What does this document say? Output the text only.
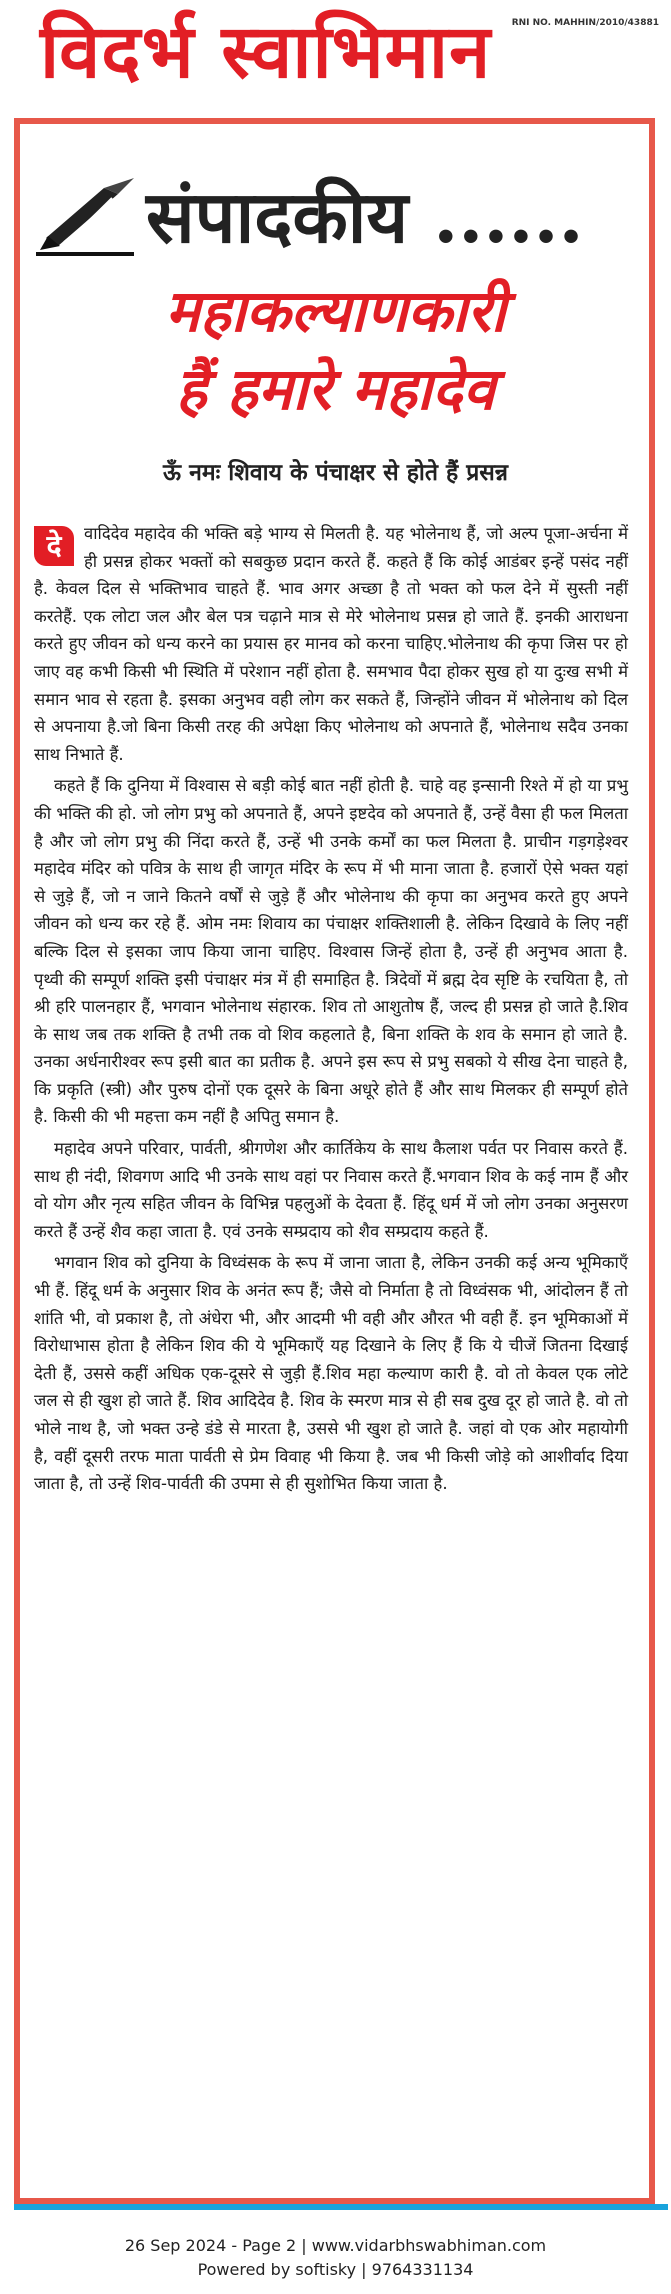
विदर्भ स्वाभिमान RNI NO. MAHHIN/2010/43881
संपादकीय ......
महाकल्याणकारी
हैं हमारे महादेव
ऊँ नमः शिवाय के पंचाक्षर से होते हैं प्रसन्न

दे	वादिदेव महादेव की भक्ति बड़े भाग्य से मिलती है. यह भोलेनाथ हैं, जो अल्प पूजा-अर्चना में ही प्रसन्न होकर भक्तों को सबकुछ प्रदान करते हैं. कहते हैं कि कोई आडंबर इन्हें पसंद नहीं है. केवल दिल से भक्तिभाव चाहते हैं. भाव अगर अच्छा है तो भक्त को फल देने में सुस्ती नहीं करतेहैं. एक लोटा जल और बेल पत्र चढ़ाने मात्र से मेरे भोलेनाथ प्रसन्न हो जाते हैं. इनकी आराधना करते हुए जीवन को धन्य करने का प्रयास हर मानव को करना चाहिए.भोलेनाथ की कृपा जिस पर हो जाए वह कभी किसी भी स्थिति में परेशान नहीं होता है. समभाव पैदा होकर सुख हो या दुःख सभी में समान भाव से रहता है. इसका अनुभव वही लोग कर सकते हैं, जिन्होंने जीवन में भोलेनाथ को दिल से अपनाया है.जो बिना किसी तरह की अपेक्षा किए भोलेनाथ को अपनाते हैं, भोलेनाथ सदैव उनका साथ निभाते हैं.

कहते हैं कि दुनिया में विश्वास से बड़ी कोई बात नहीं होती है. चाहे वह इन्सानी रिश्ते में हो या प्रभु की भक्ति की हो. जो लोग प्रभु को अपनाते हैं, अपने इष्टदेव को अपनाते हैं, उन्हें वैसा ही फल मिलता है और जो लोग प्रभु की निंदा करते हैं, उन्हें भी उनके कर्मों का फल मिलता है. प्राचीन गड़गड़ेश्वर महादेव मंदिर को पवित्र के साथ ही जागृत मंदिर के रूप में भी माना जाता है. हजारों ऐसे भक्त यहां से जुड़े हैं, जो न जाने कितने वर्षों से जुड़े हैं और भोलेनाथ की कृपा का अनुभव करते हुए अपने जीवन को धन्य कर रहे हैं. ओम नमः शिवाय का पंचाक्षर शक्तिशाली है. लेकिन दिखावे के लिए नहीं बल्कि दिल से इसका जाप किया जाना चाहिए. विश्वास जिन्हें होता है, उन्हें ही अनुभव आता है. पृथ्वी की सम्पूर्ण शक्ति इसी पंचाक्षर मंत्र में ही समाहित है. त्रिदेवों में ब्रह्म देव सृष्टि के रचयिता है, तो श्री हरि पालनहार हैं, भगवान भोलेनाथ संहारक. शिव तो आशुतोष हैं, जल्द ही प्रसन्न हो जाते है.शिव के साथ जब तक शक्ति है तभी तक वो शिव कहलाते है, बिना शक्ति के शव के समान हो जाते है. उनका अर्धनारीश्वर रूप इसी बात का प्रतीक है. अपने इस रूप से प्रभु सबको ये सीख देना चाहते है, कि प्रकृति (स्त्री) और पुरुष दोनों एक दूसरे के बिना अधूरे होते हैं और साथ मिलकर ही सम्पूर्ण होते है. किसी की भी महत्ता कम नहीं है अपितु समान है.

महादेव अपने परिवार, पार्वती, श्रीगणेश और कार्तिकेय के साथ कैलाश पर्वत पर निवास करते हैं. साथ ही नंदी, शिवगण आदि भी उनके साथ वहां पर निवास करते हैं.भगवान शिव के कई नाम हैं और वो योग और नृत्य सहित जीवन के विभिन्न पहलुओं के देवता हैं. हिंदू धर्म में जो लोग उनका अनुसरण करते हैं उन्हें शैव कहा जाता है. एवं उनके सम्प्रदाय को शैव सम्प्रदाय कहते हैं.

भगवान शिव को दुनिया के विध्वंसक के रूप में जाना जाता है, लेकिन उनकी कई अन्य भूमिकाएँ भी हैं. हिंदू धर्म के अनुसार शिव के अनंत रूप हैं; जैसे वो निर्माता है तो विध्वंसक भी, आंदोलन हैं तो शांति भी, वो प्रकाश है, तो अंधेरा भी, और आदमी भी वही और औरत भी वही हैं. इन भूमिकाओं में विरोधाभास होता है लेकिन शिव की ये भूमिकाएँ यह दिखाने के लिए हैं कि ये चीजें जितना दिखाई देती हैं, उससे कहीं अधिक एक-दूसरे से जुड़ी हैं.शिव महा कल्याण कारी है. वो तो केवल एक लोटे जल से ही खुश हो जाते हैं. शिव आदिदेव है. शिव के स्मरण मात्र से ही सब दुख दूर हो जाते है. वो तो भोले नाथ है, जो भक्त उन्हे डंडे से मारता है, उससे भी खुश हो जाते है. जहां वो एक ओर महायोगी है, वहीं दूसरी तरफ माता पार्वती से प्रेम विवाह भी किया है. जब भी किसी जोड़े को आशीर्वाद दिया जाता है, तो उन्हें शिव-पार्वती की उपमा से ही सुशोभित किया जाता है.

26 Sep 2024 - Page 2 | www.vidarbhswabhiman.com
Powered by softisky | 9764331134
